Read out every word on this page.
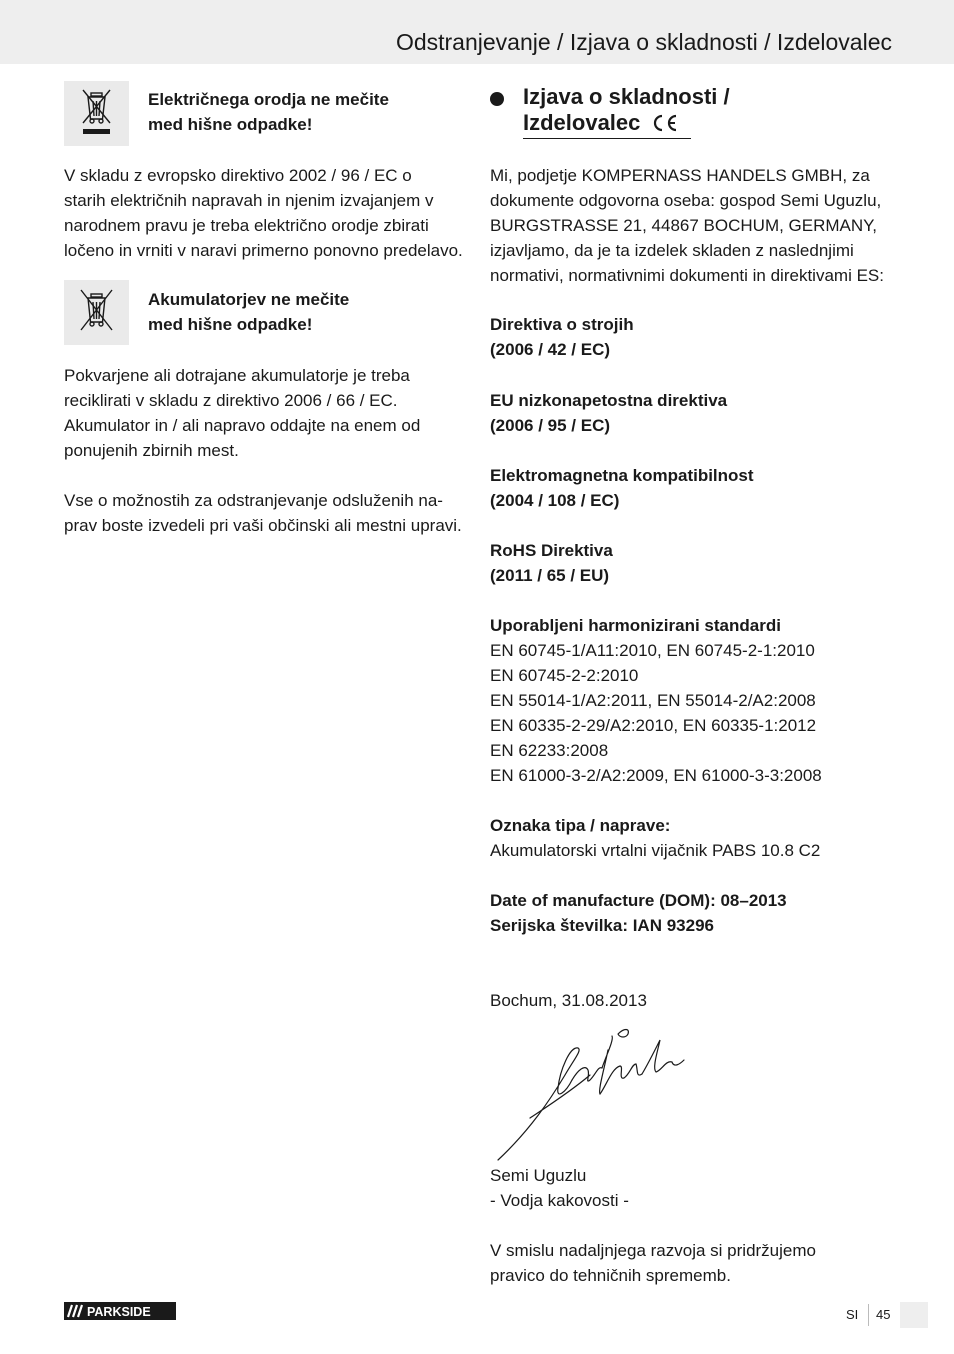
Odstranjevanje / Izjava o skladnosti / Izdelovalec
Električnega orodja ne mečite
med hišne odpadke!
V skladu z evropsko direktivo 2002 / 96 / EC o
starih električnih napravah in njenim izvajanjem v
narodnem pravu je treba električno orodje zbirati
ločeno in vrniti v naravi primerno ponovno predelavo.
Akumulatorjev ne mečite
med hišne odpadke!
Pokvarjene ali dotrajane akumulatorje je treba
reciklirati v skladu z direktivo 2006 / 66 / EC.
Akumulator in / ali napravo oddajte na enem od
ponujenih zbirnih mest.
Vse o možnostih za odstranjevanje odsluženih na-
prav boste izvedeli pri vaši občinski ali mestni upravi.
Izjava o skladnosti /
Izdelovalec
Mi, podjetje KOMPERNASS HANDELS GMBH, za
dokumente odgovorna oseba: gospod Semi Uguzlu,
BURGSTRASSE 21, 44867 BOCHUM, GERMANY,
izjavljamo, da je ta izdelek skladen z naslednjimi
normativi, normativnimi dokumenti in direktivami ES:
Direktiva o strojih
(2006 / 42 / EC)
EU nizkonapetostna direktiva
(2006 / 95 / EC)
Elektromagnetna kompatibilnost
(2004 / 108 / EC)
RoHS Direktiva
(2011 / 65 / EU)
Uporabljeni harmonizirani standardi
EN 60745-1/A11:2010, EN 60745-2-1:2010
EN 60745-2-2:2010
EN 55014-1/A2:2011, EN 55014-2/A2:2008
EN 60335-2-29/A2:2010, EN 60335-1:2012
EN 62233:2008
EN 61000-3-2/A2:2009, EN 61000-3-3:2008
Oznaka tipa / naprave:
Akumulatorski vrtalni vijačnik PABS 10.8 C2
Date of manufacture (DOM): 08–2013
Serijska številka: IAN 93296
Bochum, 31.08.2013
Semi Uguzlu
- Vodja kakovosti -
V smislu nadaljnjega razvoja si pridržujemo
pravico do tehničnih sprememb.
PARKSIDE	SI 45
